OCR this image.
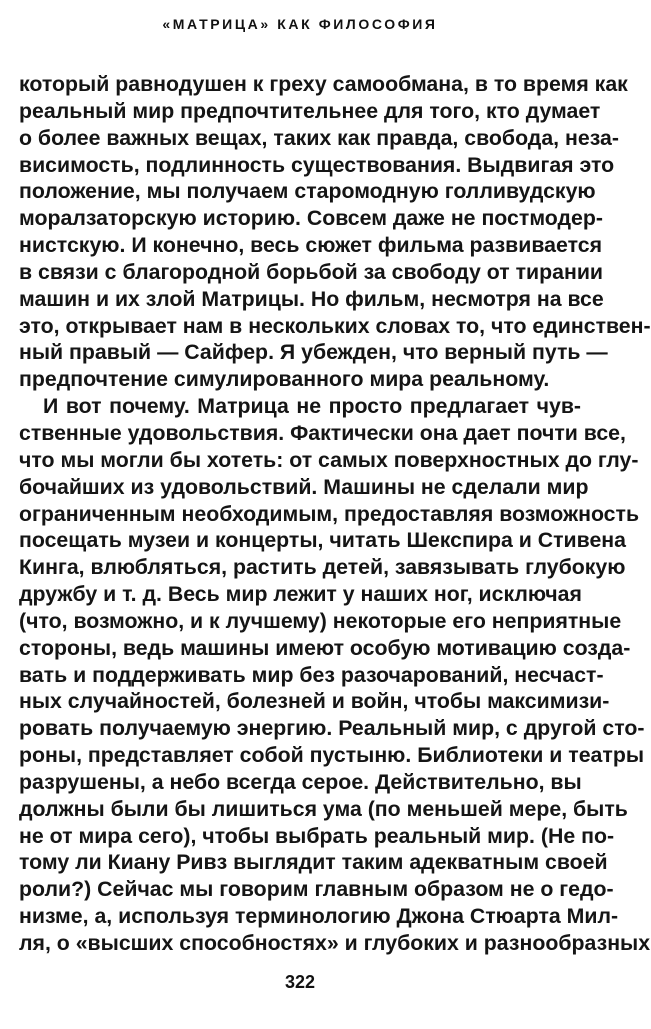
«МАТРИЦА» КАК ФИЛОСОФИЯ
который равнодушен к греху самообмана, в то время как
реальный мир предпочтительнее для того, кто думает
о более важных вещах, таких как правда, свобода, неза-
висимость, подлинность существования. Выдвигая это
положение, мы получаем старомодную голливудскую
моралзаторскую историю. Совсем даже не постмодер-
нистскую. И конечно, весь сюжет фильма развивается
в связи с благородной борьбой за свободу от тирании
машин и их злой Матрицы. Но фильм, несмотря на все
это, открывает нам в нескольких словах то, что единствен-
ный правый — Сайфер. Я убежден, что верный путь —
предпочтение симулированного мира реальному.
И вот почему. Матрица не просто предлагает чув-
ственные удовольствия. Фактически она дает почти все,
что мы могли бы хотеть: от самых поверхностных до глу-
бочайших из удовольствий. Машины не сделали мир
ограниченным необходимым, предоставляя возможность
посещать музеи и концерты, читать Шекспира и Стивена
Кинга, влюбляться, растить детей, завязывать глубокую
дружбу и т. д. Весь мир лежит у наших ног, исключая
(что, возможно, и к лучшему) некоторые его неприятные
стороны, ведь машины имеют особую мотивацию созда-
вать и поддерживать мир без разочарований, несчаст-
ных случайностей, болезней и войн, чтобы максимизи-
ровать получаемую энергию. Реальный мир, с другой сто-
роны, представляет собой пустыню. Библиотеки и театры
разрушены, а небо всегда серое. Действительно, вы
должны были бы лишиться ума (по меньшей мере, быть
не от мира сего), чтобы выбрать реальный мир. (Не по-
тому ли Киану Ривз выглядит таким адекватным своей
роли?) Сейчас мы говорим главным образом не о гедо-
низме, а, используя терминологию Джона Стюарта Мил-
ля, о «высших способностях» и глубоких и разнообразных
322
